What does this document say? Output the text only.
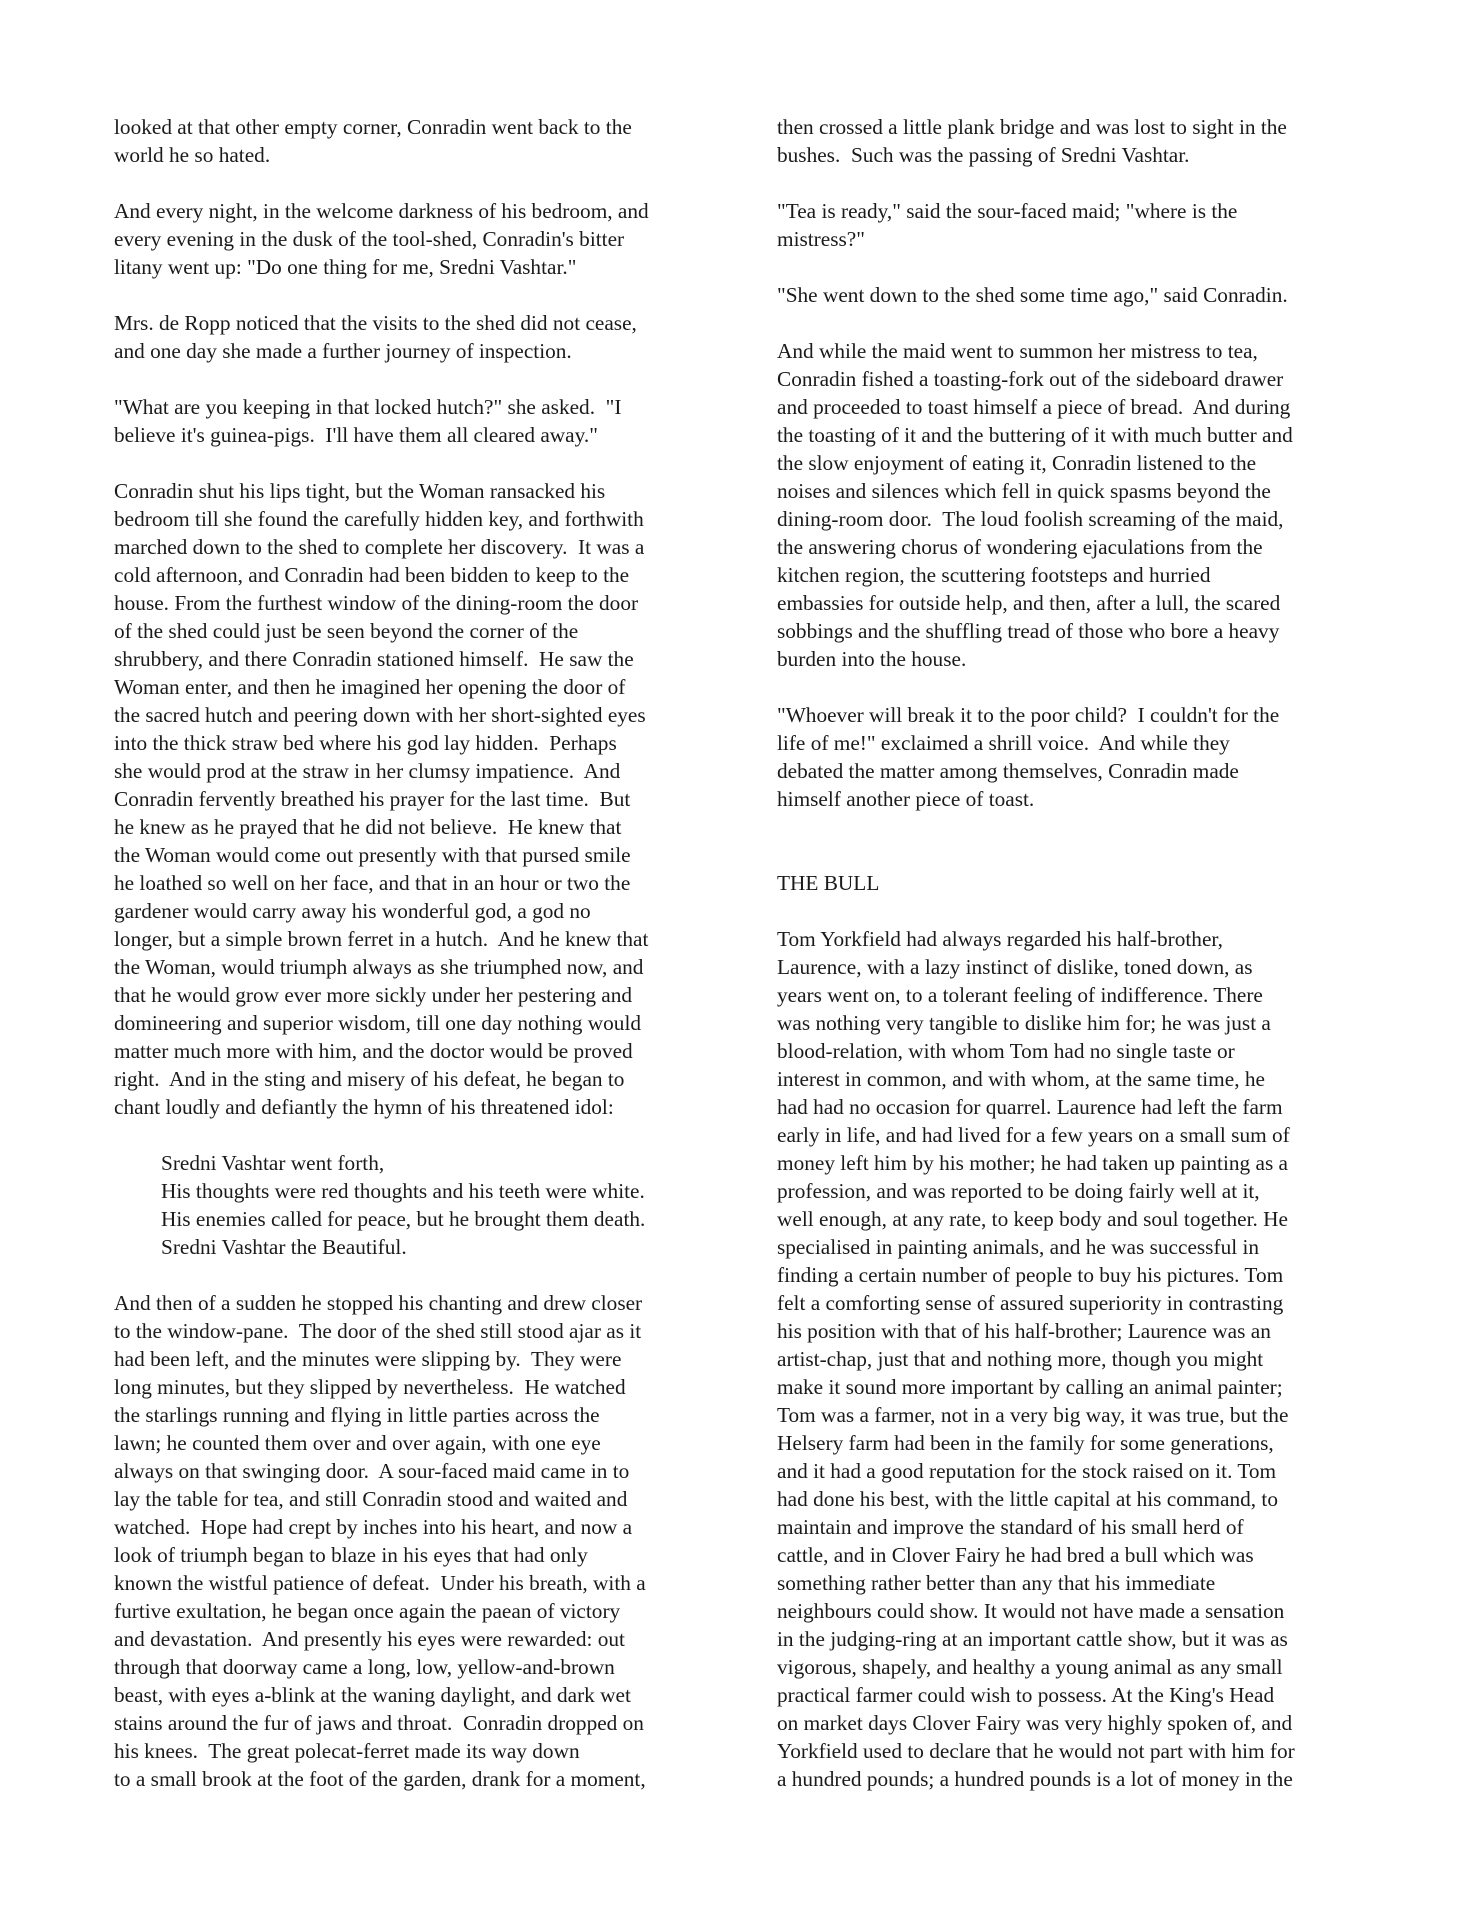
looked at that other empty corner, Conradin went back to the
world he so hated.
And every night, in the welcome darkness of his bedroom, and
every evening in the dusk of the tool-shed, Conradin's bitter
litany went up: "Do one thing for me, Sredni Vashtar."
Mrs. de Ropp noticed that the visits to the shed did not cease,
and one day she made a further journey of inspection.
"What are you keeping in that locked hutch?" she asked.  "I
believe it's guinea-pigs.  I'll have them all cleared away."
Conradin shut his lips tight, but the Woman ransacked his
bedroom till she found the carefully hidden key, and forthwith
marched down to the shed to complete her discovery.  It was a
cold afternoon, and Conradin had been bidden to keep to the
house. From the furthest window of the dining-room the door
of the shed could just be seen beyond the corner of the
shrubbery, and there Conradin stationed himself.  He saw the
Woman enter, and then he imagined her opening the door of
the sacred hutch and peering down with her short-sighted eyes
into the thick straw bed where his god lay hidden.  Perhaps
she would prod at the straw in her clumsy impatience.  And
Conradin fervently breathed his prayer for the last time.  But
he knew as he prayed that he did not believe.  He knew that
the Woman would come out presently with that pursed smile
he loathed so well on her face, and that in an hour or two the
gardener would carry away his wonderful god, a god no
longer, but a simple brown ferret in a hutch.  And he knew that
the Woman, would triumph always as she triumphed now, and
that he would grow ever more sickly under her pestering and
domineering and superior wisdom, till one day nothing would
matter much more with him, and the doctor would be proved
right.  And in the sting and misery of his defeat, he began to
chant loudly and defiantly the hymn of his threatened idol:
Sredni Vashtar went forth,
His thoughts were red thoughts and his teeth were white.
His enemies called for peace, but he brought them death.
Sredni Vashtar the Beautiful.
And then of a sudden he stopped his chanting and drew closer
to the window-pane.  The door of the shed still stood ajar as it
had been left, and the minutes were slipping by.  They were
long minutes, but they slipped by nevertheless.  He watched
the starlings running and flying in little parties across the
lawn; he counted them over and over again, with one eye
always on that swinging door.  A sour-faced maid came in to
lay the table for tea, and still Conradin stood and waited and
watched.  Hope had crept by inches into his heart, and now a
look of triumph began to blaze in his eyes that had only
known the wistful patience of defeat.  Under his breath, with a
furtive exultation, he began once again the paean of victory
and devastation.  And presently his eyes were rewarded: out
through that doorway came a long, low, yellow-and-brown
beast, with eyes a-blink at the waning daylight, and dark wet
stains around the fur of jaws and throat.  Conradin dropped on
his knees.  The great polecat-ferret made its way down
to a small brook at the foot of the garden, drank for a moment,
then crossed a little plank bridge and was lost to sight in the
bushes.  Such was the passing of Sredni Vashtar.
"Tea is ready," said the sour-faced maid; "where is the
mistress?"
"She went down to the shed some time ago," said Conradin.
And while the maid went to summon her mistress to tea,
Conradin fished a toasting-fork out of the sideboard drawer
and proceeded to toast himself a piece of bread.  And during
the toasting of it and the buttering of it with much butter and
the slow enjoyment of eating it, Conradin listened to the
noises and silences which fell in quick spasms beyond the
dining-room door.  The loud foolish screaming of the maid,
the answering chorus of wondering ejaculations from the
kitchen region, the scuttering footsteps and hurried
embassies for outside help, and then, after a lull, the scared
sobbings and the shuffling tread of those who bore a heavy
burden into the house.
"Whoever will break it to the poor child?  I couldn't for the
life of me!" exclaimed a shrill voice.  And while they
debated the matter among themselves, Conradin made
himself another piece of toast.
THE BULL
Tom Yorkfield had always regarded his half-brother,
Laurence, with a lazy instinct of dislike, toned down, as
years went on, to a tolerant feeling of indifference. There
was nothing very tangible to dislike him for; he was just a
blood-relation, with whom Tom had no single taste or
interest in common, and with whom, at the same time, he
had had no occasion for quarrel. Laurence had left the farm
early in life, and had lived for a few years on a small sum of
money left him by his mother; he had taken up painting as a
profession, and was reported to be doing fairly well at it,
well enough, at any rate, to keep body and soul together. He
specialised in painting animals, and he was successful in
finding a certain number of people to buy his pictures. Tom
felt a comforting sense of assured superiority in contrasting
his position with that of his half-brother; Laurence was an
artist-chap, just that and nothing more, though you might
make it sound more important by calling an animal painter;
Tom was a farmer, not in a very big way, it was true, but the
Helsery farm had been in the family for some generations,
and it had a good reputation for the stock raised on it. Tom
had done his best, with the little capital at his command, to
maintain and improve the standard of his small herd of
cattle, and in Clover Fairy he had bred a bull which was
something rather better than any that his immediate
neighbours could show. It would not have made a sensation
in the judging-ring at an important cattle show, but it was as
vigorous, shapely, and healthy a young animal as any small
practical farmer could wish to possess. At the King's Head
on market days Clover Fairy was very highly spoken of, and
Yorkfield used to declare that he would not part with him for
a hundred pounds; a hundred pounds is a lot of money in the
